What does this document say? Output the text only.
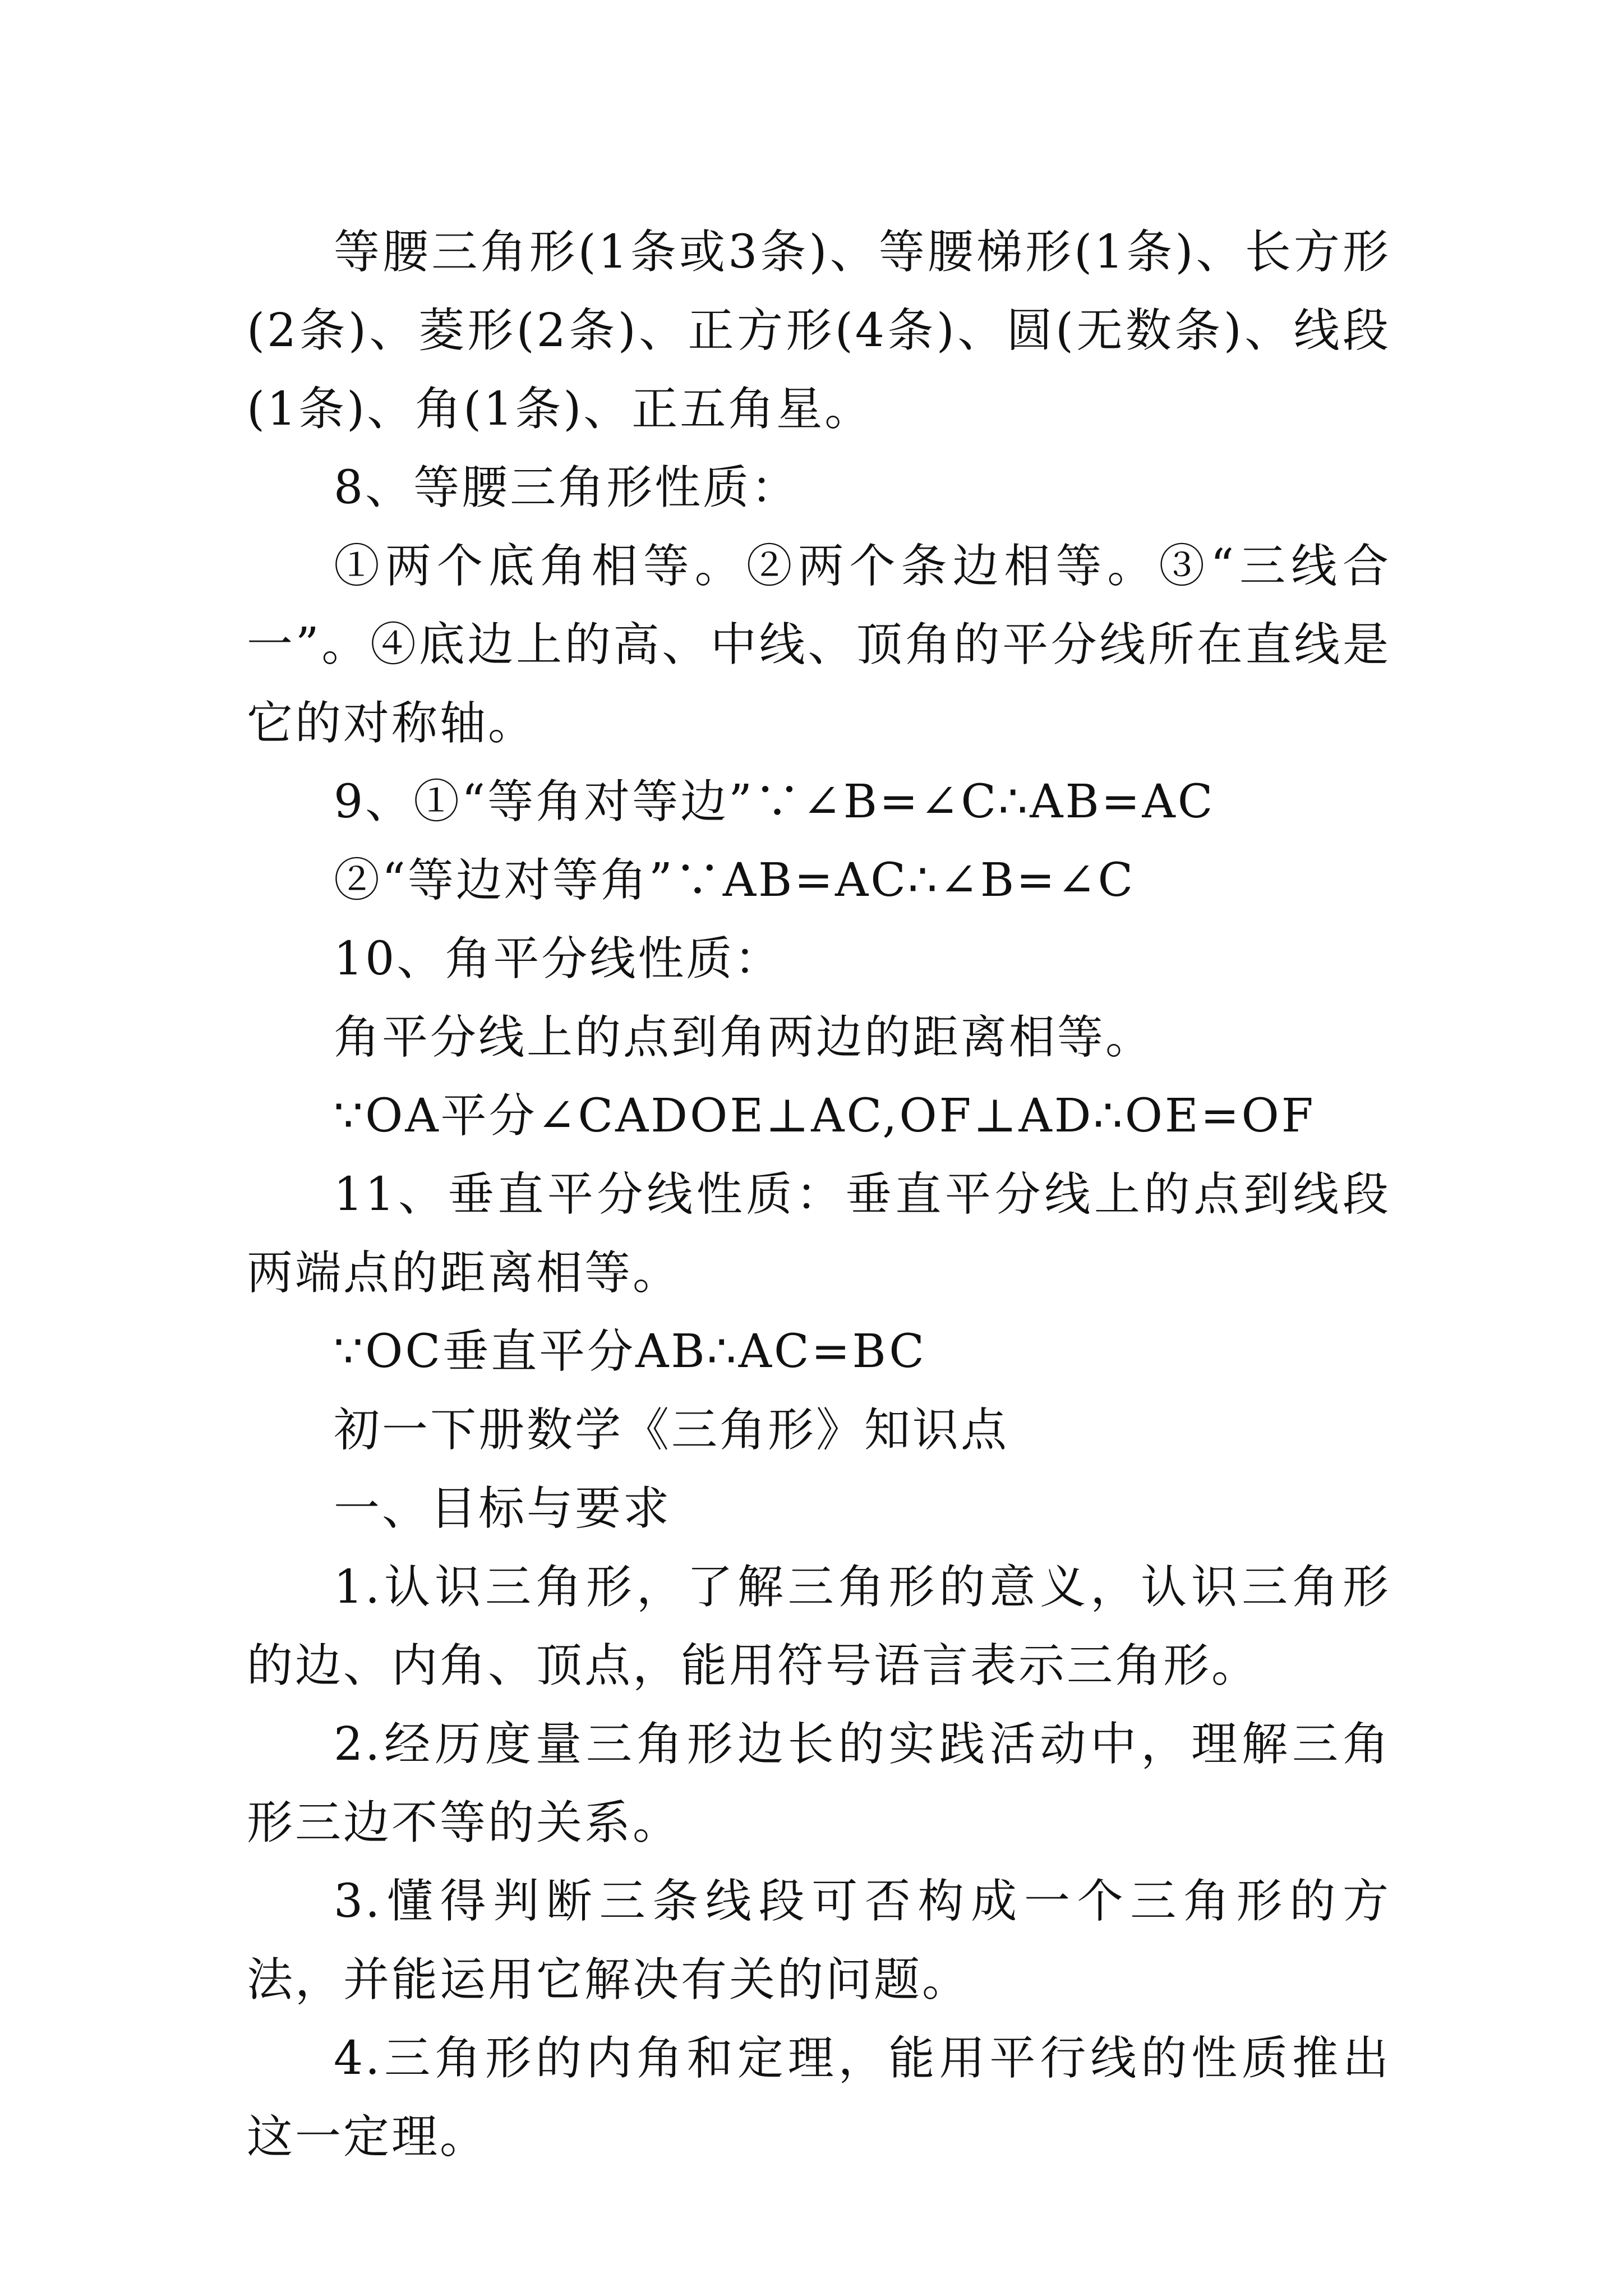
等腰三角形(1条或3条)、等腰梯形(1条)、长方形(2条)、菱形(2条)、正方形(4条)、圆(无数条)、线段(1条)、角(1条)、正五角星。

8、等腰三角形性质：

①两个底角相等。②两个条边相等。③“三线合一”。④底边上的高、中线、顶角的平分线所在直线是它的对称轴。

9、①“等角对等边”∵∠B=∠C∴AB=AC

②“等边对等角”∵AB=AC∴∠B=∠C

10、角平分线性质：

角平分线上的点到角两边的距离相等。

∵OA平分∠CADOE⊥AC,OF⊥AD∴OE=OF

11、垂直平分线性质：垂直平分线上的点到线段两端点的距离相等。

∵OC垂直平分AB∴AC=BC

初一下册数学《三角形》知识点

一、目标与要求

1.认识三角形，了解三角形的意义，认识三角形的边、内角、顶点，能用符号语言表示三角形。

2.经历度量三角形边长的实践活动中，理解三角形三边不等的关系。

3.懂得判断三条线段可否构成一个三角形的方法，并能运用它解决有关的问题。

4.三角形的内角和定理，能用平行线的性质推出这一定理。
